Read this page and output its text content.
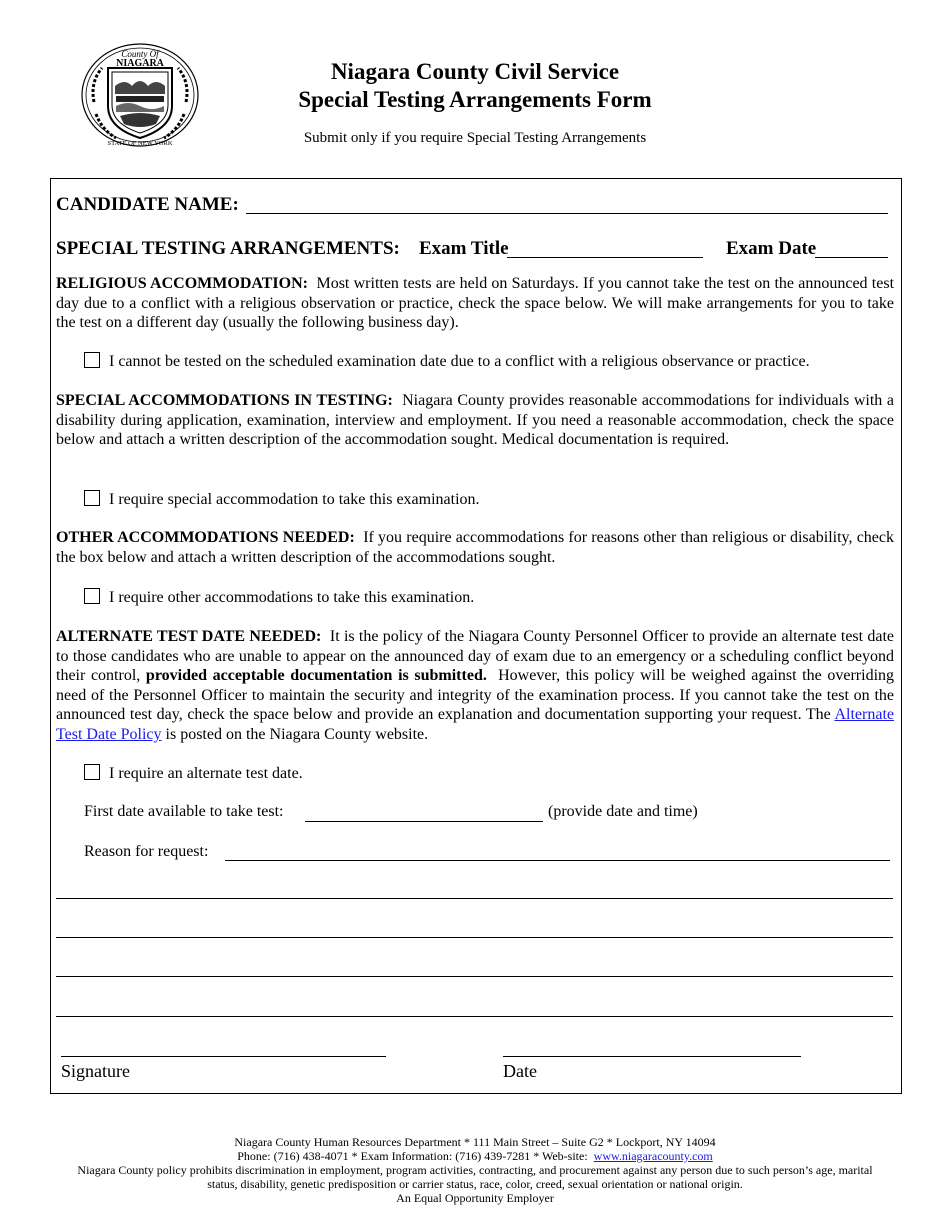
County Of
NIAGARA
STATE OF NEW YORK
Niagara County Civil Service
Special Testing Arrangements Form
Submit only if you require Special Testing Arrangements
CANDIDATE NAME:
SPECIAL TESTING ARRANGEMENTS: Exam Title	Exam Date
RELIGIOUS ACCOMMODATION: Most written tests are held on Saturdays. If you cannot take the test on the announced test day due to a conflict with a religious observation or practice, check the space below. We will make arrangements for you to take the test on a different day (usually the following business day).
I cannot be tested on the scheduled examination date due to a conflict with a religious observance or practice.
SPECIAL ACCOMMODATIONS IN TESTING: Niagara County provides reasonable accommodations for individuals with a disability during application, examination, interview and employment. If you need a reasonable accommodation, check the space below and attach a written description of the accommodation sought. Medical documentation is required.
I require special accommodation to take this examination.
OTHER ACCOMMODATIONS NEEDED: If you require accommodations for reasons other than religious or disability, check the box below and attach a written description of the accommodations sought.
I require other accommodations to take this examination.
ALTERNATE TEST DATE NEEDED: It is the policy of the Niagara County Personnel Officer to provide an alternate test date to those candidates who are unable to appear on the announced day of exam due to an emergency or a scheduling conflict beyond their control, provided acceptable documentation is submitted. However, this policy will be weighed against the overriding need of the Personnel Officer to maintain the security and integrity of the examination process. If you cannot take the test on the announced test day, check the space below and provide an explanation and documentation supporting your request. The Alternate Test Date Policy is posted on the Niagara County website.
I require an alternate test date.
First date available to take test:	(provide date and time)
Reason for request:
Signature	Date
Niagara County Human Resources Department * 111 Main Street – Suite G2 * Lockport, NY 14094
Phone: (716) 438-4071 * Exam Information: (716) 439-7281 * Web-site: www.niagaracounty.com
Niagara County policy prohibits discrimination in employment, program activities, contracting, and procurement against any person due to such person’s age, marital
status, disability, genetic predisposition or carrier status, race, color, creed, sexual orientation or national origin.
An Equal Opportunity Employer
